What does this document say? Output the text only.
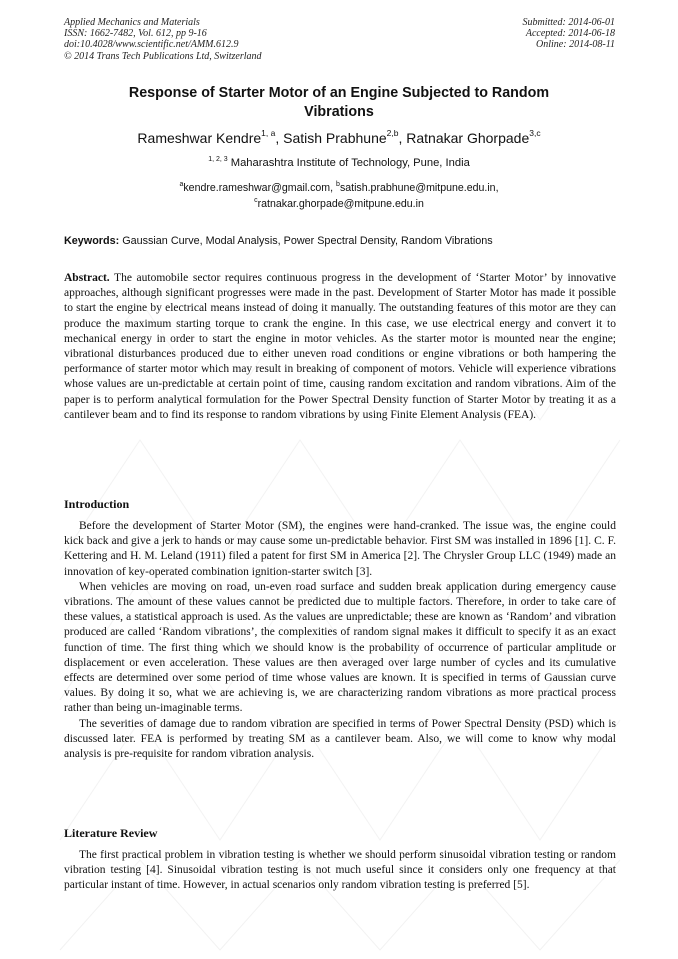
Applied Mechanics and Materials
ISSN: 1662-7482, Vol. 612, pp 9-16
doi:10.4028/www.scientific.net/AMM.612.9
© 2014 Trans Tech Publications Ltd, Switzerland
Submitted: 2014-06-01
Accepted: 2014-06-18
Online: 2014-08-11
Response of Starter Motor of an Engine Subjected to Random
Vibrations
Rameshwar Kendre$^{1, a}$, Satish Prabhune$^{2,b}$, Ratnakar Ghorpade$^{3,c}$
$^{1, 2, 3}$ Maharashtra Institute of Technology, Pune, India
$^a$kendre.rameshwar@gmail.com, $^b$satish.prabhune@mitpune.edu.in,
$^c$ratnakar.ghorpade@mitpune.edu.in
Keywords: Gaussian Curve, Modal Analysis, Power Spectral Density, Random Vibrations

Abstract. The automobile sector requires continuous progress in the development of ‘Starter Motor’ by innovative approaches, although significant progresses were made in the past. Development of Starter Motor has made it possible to start the engine by electrical means instead of doing it manually. The outstanding features of this motor are they can produce the maximum starting torque to crank the engine. In this case, we use electrical energy and convert it to mechanical energy in order to start the engine in motor vehicles. As the starter motor is mounted near the engine; vibrational disturbances produced due to either uneven road conditions or engine vibrations or both hampering the performance of starter motor which may result in breaking of component of motors. Vehicle will experience vibrations whose values are un-predictable at certain point of time, causing random excitation and random vibrations. Aim of the paper is to perform analytical formulation for the Power Spectral Density function of Starter Motor by treating it as a cantilever beam and to find its response to random vibrations by using Finite Element Analysis (FEA).

Introduction

Before the development of Starter Motor (SM), the engines were hand-cranked. The issue was, the engine could kick back and give a jerk to hands or may cause some un-predictable behavior. First SM was installed in 1896 [1]. C. F. Kettering and H. M. Leland (1911) filed a patent for first SM in America [2]. The Chrysler Group LLC (1949) made an innovation of key-operated combination ignition-starter switch [3].

When vehicles are moving on road, un-even road surface and sudden break application during emergency cause vibrations. The amount of these values cannot be predicted due to multiple factors. Therefore, in order to take care of these values, a statistical approach is used. As the values are unpredictable; these are known as ‘Random’ and vibration produced are called ‘Random vibrations’, the complexities of random signal makes it difficult to specify it as an exact function of time. The first thing which we should know is the probability of occurrence of particular amplitude or displacement or even acceleration. These values are then averaged over large number of cycles and its cumulative effects are determined over some period of time whose values are known. It is specified in terms of Gaussian curve values. By doing it so, what we are achieving is, we are characterizing random vibrations as more practical process rather than being un-imaginable terms.

The severities of damage due to random vibration are specified in terms of Power Spectral Density (PSD) which is discussed later. FEA is performed by treating SM as a cantilever beam. Also, we will come to know why modal analysis is pre-requisite for random vibration analysis.

Literature Review

The first practical problem in vibration testing is whether we should perform sinusoidal vibration testing or random vibration testing [4]. Sinusoidal vibration testing is not much useful since it considers only one frequency at that particular instant of time. However, in actual scenarios only random vibration testing is preferred [5].
